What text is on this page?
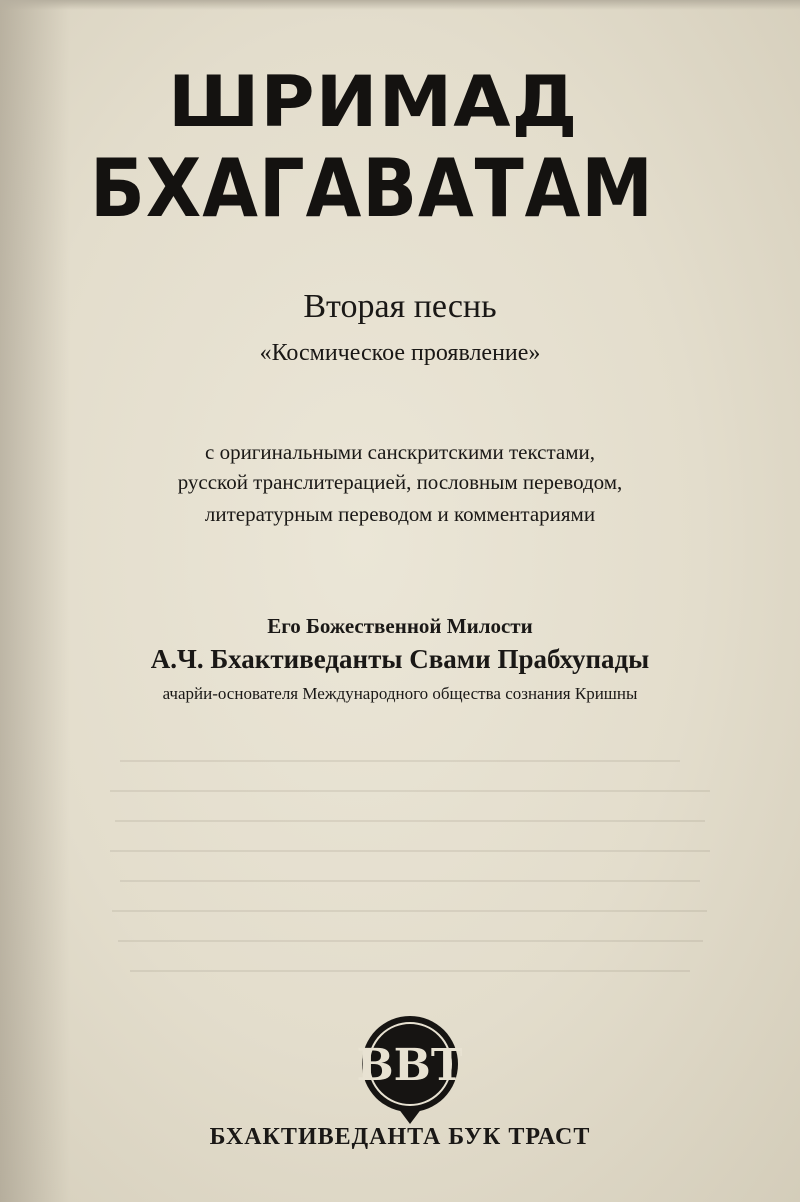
ШРИМАД
БХАГАВАТАМ
Вторая песнь
«Космическое проявление»
с оригинальными санскритскими текстами,
русской транслитерацией, пословным переводом,
литературным переводом и комментариями
Его Божественной Милости
А.Ч. Бхактиведанты Свами Прабхупады
ачарйи-основателя Международного общества сознания Кришны
BBT
БХАКТИВЕДАНТА БУК ТРАСТ
